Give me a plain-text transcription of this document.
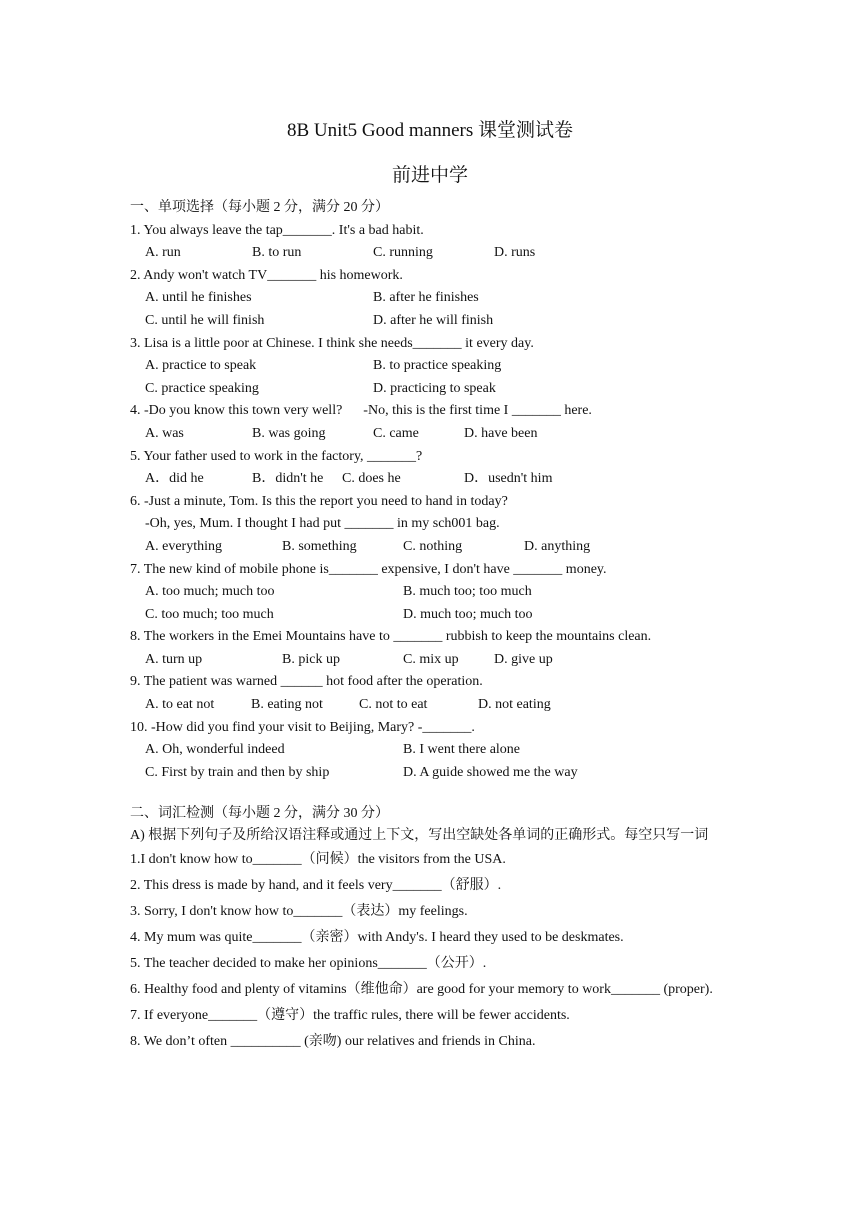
8B Unit5 Good manners 课堂测试卷
前进中学
一、单项选择（每小题 2 分，满分 20 分）
1. You always leave the tap_______. It's a bad habit.
A. run	B. to run	C. running	D. runs
2. Andy won't watch TV_______ his homework.
A. until he finishes	B. after he finishes
C. until he will finish	D. after he will finish
3. Lisa is a little poor at Chinese. I think she needs_______ it every day.
A. practice to speak	B. to practice speaking
C. practice speaking	D. practicing to speak
4. -Do you know this town very well?      -No, this is the first time I _______ here.
A. was	B. was going	C. came	D. have been
5. Your father used to work in the factory, _______?
A．did he	B．didn't he C. does he	D．usedn't him
6. -Just a minute, Tom. Is this the report you need to hand in today?
-Oh, yes, Mum. I thought I had put _______ in my sch001 bag.
A. everything	B. something	C. nothing	D. anything
7. The new kind of mobile phone is_______ expensive, I don't have _______ money.
A. too much; much too	B. much too; too much
C. too much; too much	D. much too; much too
8. The workers in the Emei Mountains have to _______ rubbish to keep the mountains clean.
A. turn up	B. pick up	C. mix up	D. give up
9. The patient was warned ______ hot food after the operation.
A. to eat not	B. eating not	C. not to eat	D. not eating
10. -How did you find your visit to Beijing, Mary? -_______.
A. Oh, wonderful indeed	B. I went there alone
C. First by train and then by ship	D. A guide showed me the way
二、词汇检测（每小题 2 分，满分 30 分）
A) 根据下列句子及所给汉语注释或通过上下文，写出空缺处各单词的正确形式。每空只写一词
1.I don't know how to_______（问候）the visitors from the USA.
2. This dress is made by hand, and it feels very_______（舒服）.
3. Sorry, I don't know how to_______（表达）my feelings.
4. My mum was quite_______（亲密）with Andy's. I heard they used to be deskmates.
5. The teacher decided to make her opinions_______（公开）.
6. Healthy food and plenty of vitamins（维他命）are good for your memory to work_______ (proper).
7. If everyone_______（遵守）the traffic rules, there will be fewer accidents.
8. We don’t often __________ (亲吻) our relatives and friends in China.
